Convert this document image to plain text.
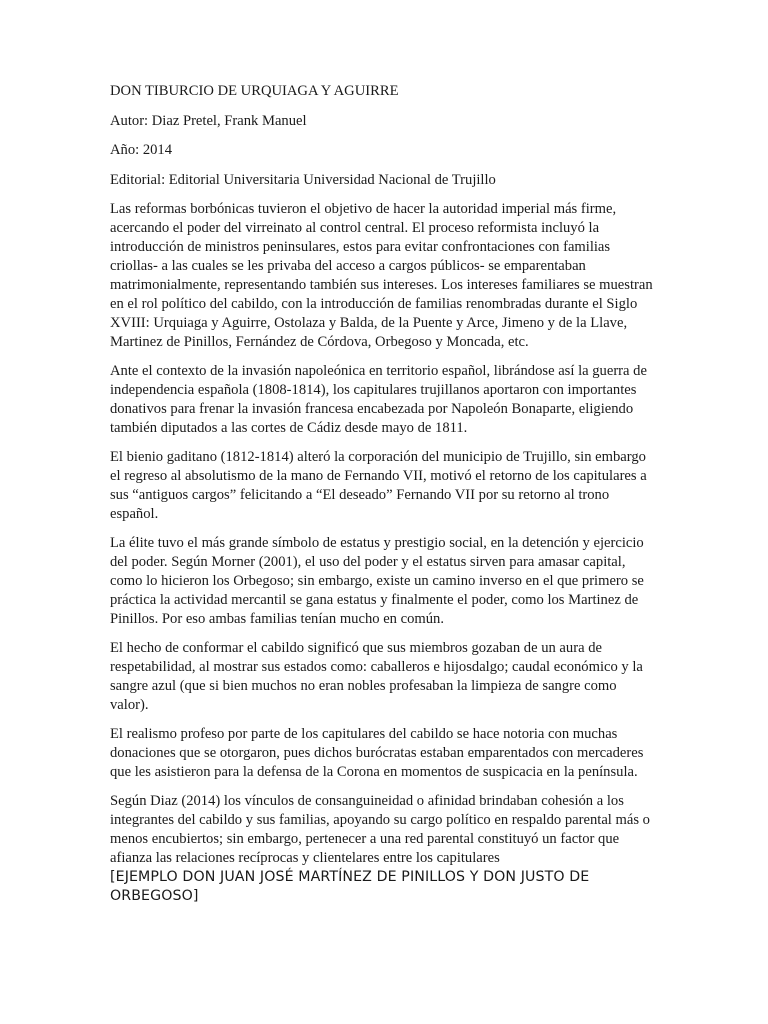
DON TIBURCIO DE URQUIAGA Y AGUIRRE

Autor: Diaz Pretel, Frank Manuel

Año: 2014

Editorial: Editorial Universitaria Universidad Nacional de Trujillo

Las reformas borbónicas tuvieron el objetivo de hacer la autoridad imperial más firme, acercando el poder del virreinato al control central. El proceso reformista incluyó la introducción de ministros peninsulares, estos para evitar confrontaciones con familias criollas- a las cuales se les privaba del acceso a cargos públicos- se emparentaban matrimonialmente, representando también sus intereses. Los intereses familiares se muestran en el rol político del cabildo, con la introducción de familias renombradas durante el Siglo XVIII: Urquiaga y Aguirre, Ostolaza y Balda, de la Puente y Arce, Jimeno y de la Llave, Martinez de Pinillos, Fernández de Córdova, Orbegoso y Moncada, etc.

Ante el contexto de la invasión napoleónica en territorio español, librándose así la guerra de independencia española (1808-1814), los capitulares trujillanos aportaron con importantes donativos para frenar la invasión francesa encabezada por Napoleón Bonaparte, eligiendo también diputados a las cortes de Cádiz desde mayo de 1811.

El bienio gaditano (1812-1814) alteró la corporación del municipio de Trujillo, sin embargo el regreso al absolutismo de la mano de Fernando VII, motivó el retorno de los capitulares a sus “antiguos cargos” felicitando a “El deseado” Fernando VII por su retorno al trono español.

La élite tuvo el más grande símbolo de estatus y prestigio social, en la detención y ejercicio del poder. Según Morner (2001), el uso del poder y el estatus sirven para amasar capital, como lo hicieron los Orbegoso; sin embargo, existe un camino inverso en el que primero se práctica la actividad mercantil se gana estatus y finalmente el poder, como los Martinez de Pinillos. Por eso ambas familias tenían mucho en común.

El hecho de conformar el cabildo significó que sus miembros gozaban de un aura de respetabilidad, al mostrar sus estados como: caballeros e hijosdalgo; caudal económico y la sangre azul (que si bien muchos no eran nobles profesaban la limpieza de sangre como valor).

El realismo profeso por parte de los capitulares del cabildo se hace notoria con muchas donaciones que se otorgaron, pues dichos burócratas estaban emparentados con mercaderes que les asistieron para la defensa de la Corona en momentos de suspicacia en la península.

Según Diaz (2014) los vínculos de consanguineidad o afinidad brindaban cohesión a los integrantes del cabildo y sus familias, apoyando su cargo político en respaldo parental más o menos encubiertos; sin embargo, pertenecer a una red parental constituyó un factor que afianza las relaciones recíprocas y clientelares entre los capitulares
[EJEMPLO DON JUAN JOSÉ MARTÍNEZ DE PINILLOS Y DON JUSTO DE ORBEGOSO]
